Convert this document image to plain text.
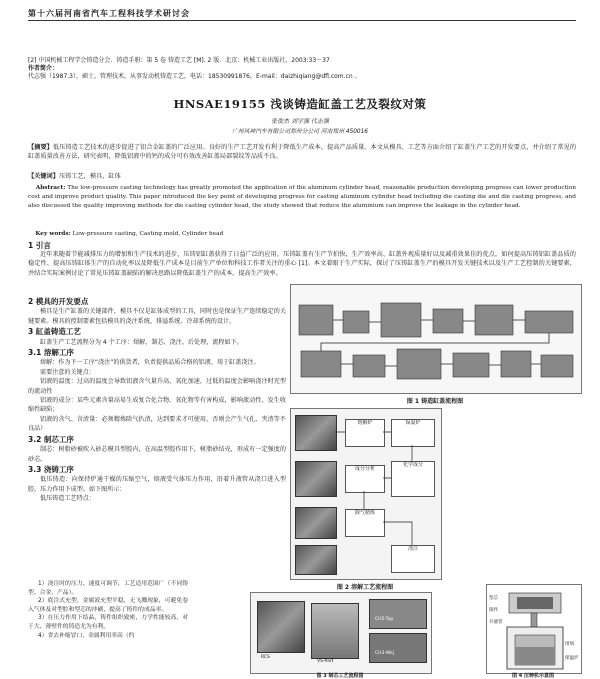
第十六届河南省汽车工程科技学术研讨会
[2] 中国机械工程学会铸造分会．铸造手册：第 5 卷 铸造工艺 [M]. 2 版．北京：机械工业出版社，2003:33－37
作者简介：
代志强（1987.3），硕士，管理技术，从事发动机铸造工艺，电话：18530991876，E-mail：daizhiqiang@dfl.com.cn 。
HNSAE19155 浅谈铸造缸盖工艺及裂纹对策
张俊杰 刘学强 代志强
广州风神汽车有限公司郑州分公司 河南郑州 450016
【摘要】低压铸造工艺技术的进步促进了铝合金缸盖的广泛应用。良好的生产工艺开发有利于降低生产成本、提高产品质量。本文从模具、工艺等方面介绍了缸盖生产工艺的开发要点，并介绍了常见的缸盖质量改善方法，研究表明，降低铝液中的钙的成分可有效改善缸盖局部裂纹等品质不良。
【关键词】压铸工艺，模具，缸体
Abstract: The low-pressure casting technology has greatly promoted the application of the aluminum cylinder head, reasonable production developing progress can lower production cost and improve product quality. This paper introduced the key point of developing progress for casting aluminum cylinder head including die casting die and die casting progress, and also discussed the quality improving methods for die casting cylinder head, the study showed that reduce the aluminium can improve the leakage in the cylinder head.
Key words: Low-pressure casting, Casting mold, Cylinder head
1 引言
近年来随着节能减排压力的增加和生产技术的进步，压铸铝缸盖获得了日益广泛的应用，压铸缸盖有生产节拍快，生产效率高、缸盖外观质量好以及减重效果佳的优点。如何提高压铸铝缸盖品质的稳定性、提高压铸缸体生产的自动化率以及降低生产成本是目前生产单位和科技工作者关注的重心 [1]。本文着眼于生产实际，探讨了压铸缸盖生产的模具开发关键技术以及生产工艺控制的关键要素，并结合实际案例讨论了常见压铸缸盖缺陷的解决思路以降低缸盖生产的成本，提高生产效率。
2 模具的开发要点

模具是生产缸盖的关键部件，模具不仅是缸体成型的工具，同时也是保证生产连续稳定的关键要素。模具的控制要素包括模具的浇注系统、排溢系统、冷却系统的设计。

3 缸盖铸造工艺

缸盖生产工艺流程分为 4 个工序：熔解、制芯、浇注、后处理，流程如下。

3.1 溶解工序

熔解：作为下一工序“浇注”的供货者，负责提供品质合格的铝液，用于缸盖浇注。

需要注意的关键点：

铝液的温度：过高的温度会导致铝液含气量升高，氧化加速，过低的温度会影响浇注时充型的流动性

铝液的成分：某些元素含量高易生成复合化合物、氧化物等有害构成，影响流动性、发生收缩性缺陷；

铝液的含气、含渣量：必须精炼除气扒渣，达到要求才可使用，否则会产生气孔、夹渣等不良品）

3.2 制芯工序

制芯：树脂砂被吹入砂芯模具型腔内，在高温型腔作用下，树脂砂结壳，形成有一定强度的砂芯。

3.3 浇铸工序

低压铸造：向保持炉通干燥的压缩空气，熔液受气体压力作用，沿着升液管从浇口进入型腔，压力作用下成型。如下图所示：

低压铸造工艺特点：

1）浇注时的压力、速度可调节，工艺适用范围广（不同铸型、合金、产品）。

2）底注式充型，金属液充型平稳，无飞溅现象，可避免卷入气体及对型腔和型芯的冲刷，提高了铸件的成品率。

3）在压力作用下结晶，铸件组织致密，力学性能较高，对于大、薄壁件的铸造尤为有利。

4）省去补缩冒口，金属利用率高（约

图 1 铸造缸盖流程图
熔解炉	保温炉
成分分析
化学成分
除气精炼
浇注
图 2 溶解工艺流程图
RCS
VS-Part
CH5-Top
CH3-Wkj
型芯
铸件
升液管
坩埚
保温炉
图 3 制芯工艺流程图	图 4 压铸机示意图
